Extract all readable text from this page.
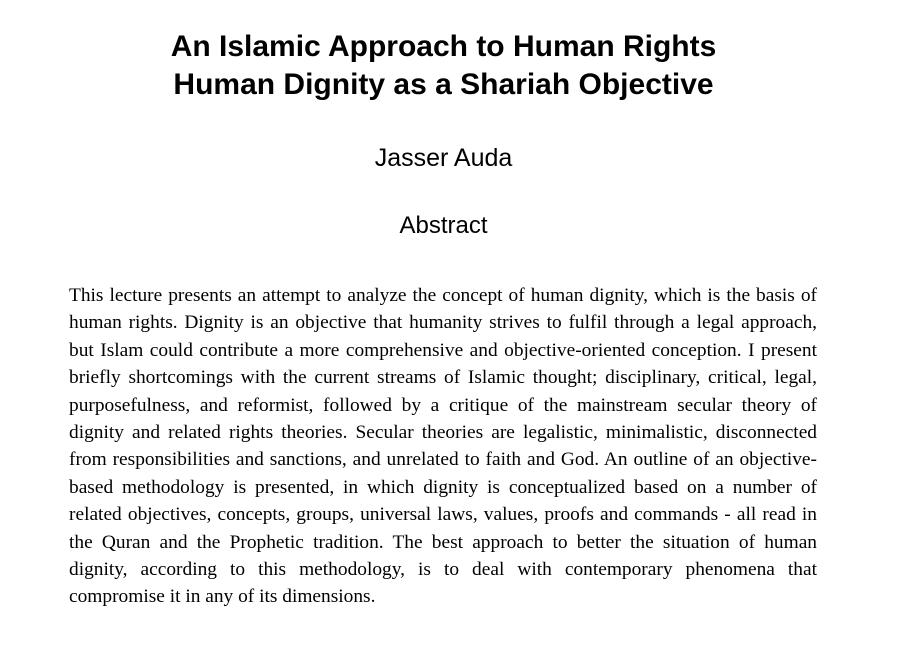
An Islamic Approach to Human Rights
Human Dignity as a Shariah Objective

Jasser Auda

Abstract

This lecture presents an attempt to analyze the concept of human dignity, which is the basis of human rights. Dignity is an objective that humanity strives to fulfil through a legal approach, but Islam could contribute a more comprehensive and objective-oriented conception. I present briefly shortcomings with the current streams of Islamic thought; disciplinary, critical, legal, purposefulness, and reformist, followed by a critique of the mainstream secular theory of dignity and related rights theories. Secular theories are legalistic, minimalistic, disconnected from responsibilities and sanctions, and unrelated to faith and God. An outline of an objective-based methodology is presented, in which dignity is conceptualized based on a number of related objectives, concepts, groups, universal laws, values, proofs and commands - all read in the Quran and the Prophetic tradition. The best approach to better the situation of human dignity, according to this methodology, is to deal with contemporary phenomena that compromise it in any of its dimensions.
